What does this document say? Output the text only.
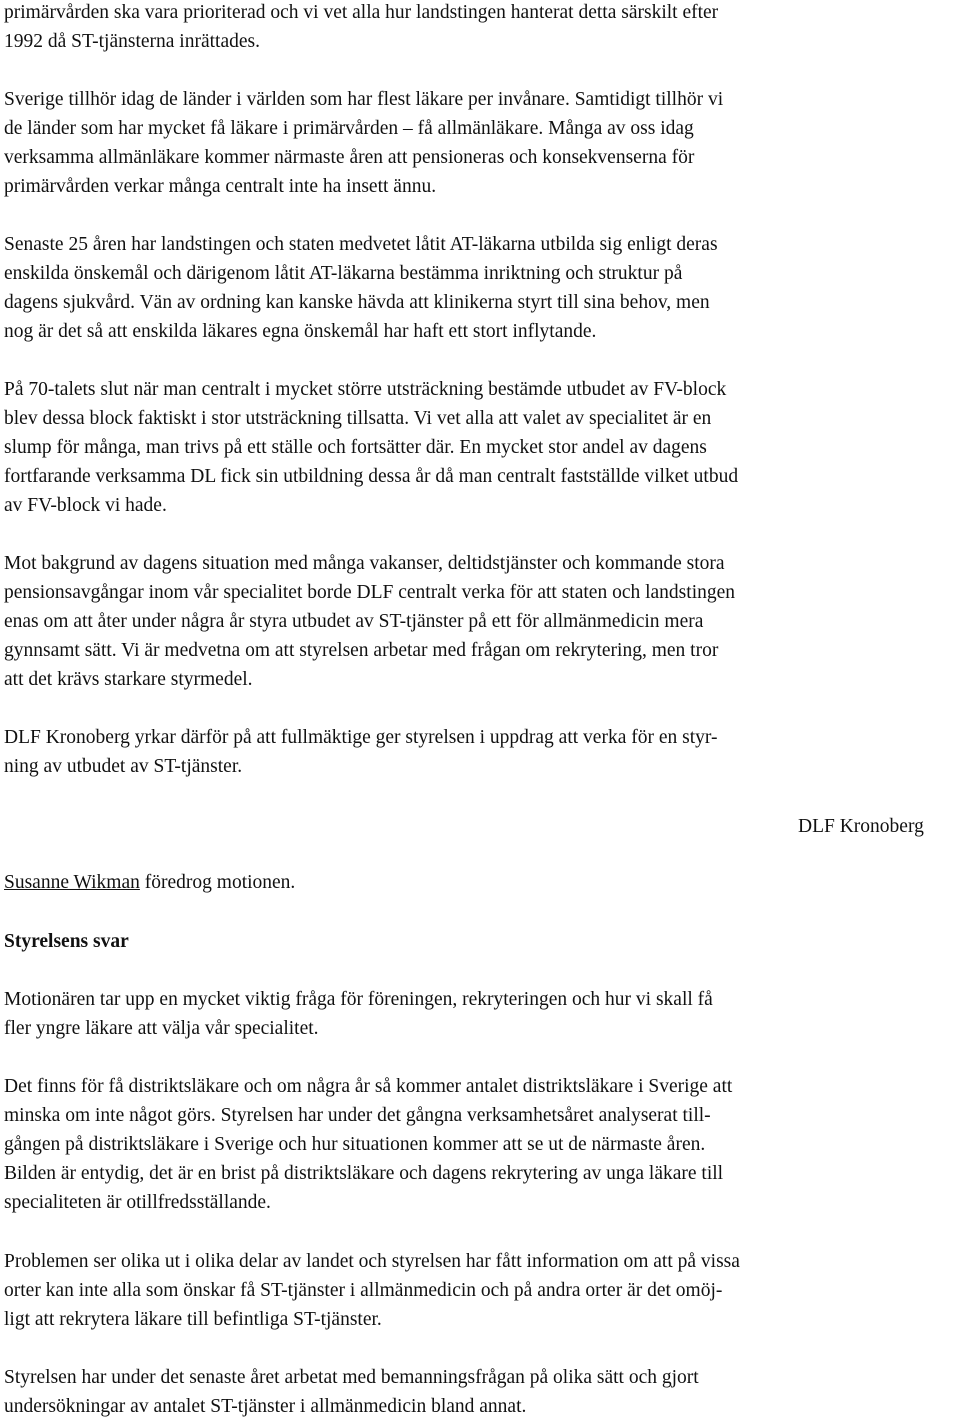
primärvården ska vara prioriterad och vi vet alla hur landstingen hanterat detta särskilt efter
1992 då ST-tjänsterna inrättades.
Sverige tillhör idag de länder i världen som har flest läkare per invånare. Samtidigt tillhör vi
de länder som har mycket få läkare i primärvården – få allmänläkare. Många av oss idag
verksamma allmänläkare kommer närmaste åren att pensioneras och konsekvenserna för
primärvården verkar många centralt inte ha insett ännu.
Senaste 25 åren har landstingen och staten medvetet låtit AT-läkarna utbilda sig enligt deras
enskilda önskemål och därigenom låtit AT-läkarna bestämma inriktning och struktur på
dagens sjukvård. Vän av ordning kan kanske hävda att klinikerna styrt till sina behov, men
nog är det så att enskilda läkares egna önskemål har haft ett stort inflytande.
På 70-talets slut när man centralt i mycket större utsträckning bestämde utbudet av FV-block
blev dessa block faktiskt i stor utsträckning tillsatta. Vi vet alla att valet av specialitet är en
slump för många, man trivs på ett ställe och fortsätter där. En mycket stor andel av dagens
fortfarande verksamma DL fick sin utbildning dessa år då man centralt fastställde vilket utbud
av FV-block vi hade.
Mot bakgrund av dagens situation med många vakanser, deltidstjänster och kommande stora
pensionsavgångar inom vår specialitet borde DLF centralt verka för att staten och landstingen
enas om att åter under några år styra utbudet av ST-tjänster på ett för allmänmedicin mera
gynnsamt sätt. Vi är medvetna om att styrelsen arbetar med frågan om rekrytering, men tror
att det krävs starkare styrmedel.
DLF Kronoberg yrkar därför på att fullmäktige ger styrelsen i uppdrag att verka för en styr-
ning av utbudet av ST-tjänster.
DLF Kronoberg
Susanne Wikman föredrog motionen.
Styrelsens svar
Motionären tar upp en mycket viktig fråga för föreningen, rekryteringen och hur vi skall få
fler yngre läkare att välja vår specialitet.
Det finns för få distriktsläkare och om några år så kommer antalet distriktsläkare i Sverige att
minska om inte något görs. Styrelsen har under det gångna verksamhetsåret analyserat till-
gången på distriktsläkare i Sverige och hur situationen kommer att se ut de närmaste åren.
Bilden är entydig, det är en brist på distriktsläkare och dagens rekrytering av unga läkare till
specialiteten är otillfredsställande.
Problemen ser olika ut i olika delar av landet och styrelsen har fått information om att på vissa
orter kan inte alla som önskar få ST-tjänster i allmänmedicin och på andra orter är det omöj-
ligt att rekrytera läkare till befintliga ST-tjänster.
Styrelsen har under det senaste året arbetat med bemanningsfrågan på olika sätt och gjort
undersökningar av antalet ST-tjänster i allmänmedicin bland annat.
